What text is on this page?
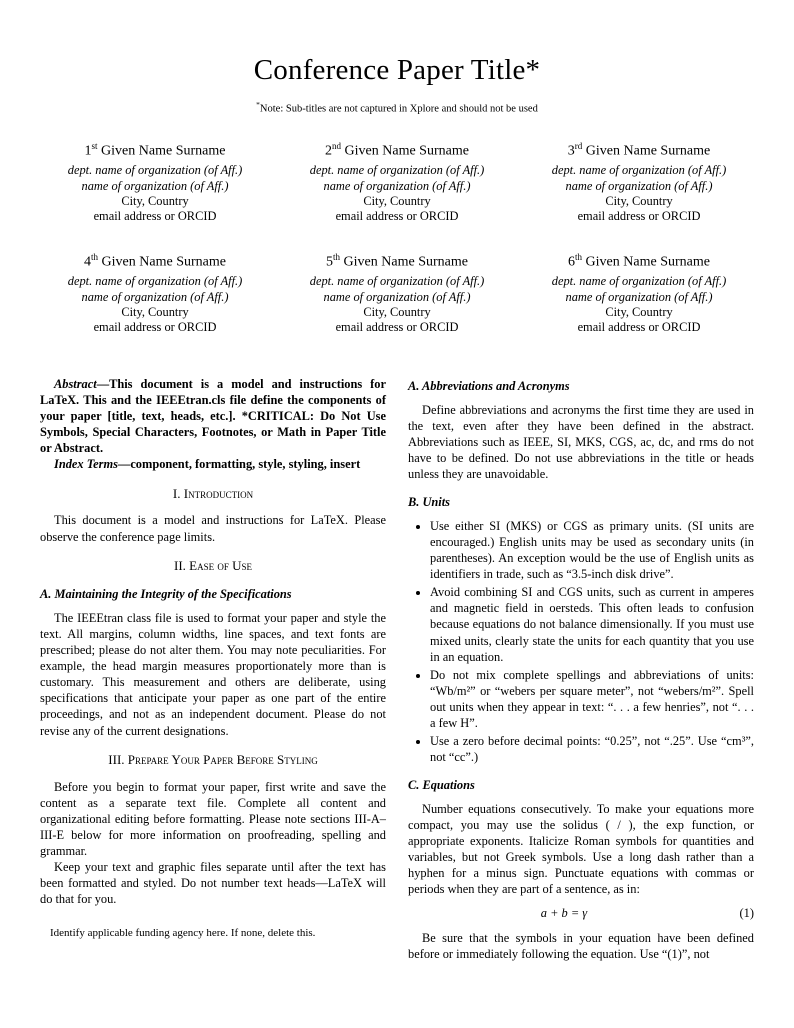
Conference Paper Title*
*Note: Sub-titles are not captured in Xplore and should not be used
1st Given Name Surname
dept. name of organization (of Aff.)
name of organization (of Aff.)
City, Country
email address or ORCID
2nd Given Name Surname
dept. name of organization (of Aff.)
name of organization (of Aff.)
City, Country
email address or ORCID
3rd Given Name Surname
dept. name of organization (of Aff.)
name of organization (of Aff.)
City, Country
email address or ORCID
4th Given Name Surname
dept. name of organization (of Aff.)
name of organization (of Aff.)
City, Country
email address or ORCID
5th Given Name Surname
dept. name of organization (of Aff.)
name of organization (of Aff.)
City, Country
email address or ORCID
6th Given Name Surname
dept. name of organization (of Aff.)
name of organization (of Aff.)
City, Country
email address or ORCID

Abstract—This document is a model and instructions for LaTeX. This and the IEEEtran.cls file define the components of your paper [title, text, heads, etc.]. *CRITICAL: Do Not Use Symbols, Special Characters, Footnotes, or Math in Paper Title or Abstract.

Index Terms—component, formatting, style, styling, insert

I. Introduction

This document is a model and instructions for LaTeX. Please observe the conference page limits.

II. Ease of Use
A. Maintaining the Integrity of the Specifications

The IEEEtran class file is used to format your paper and style the text. All margins, column widths, line spaces, and text fonts are prescribed; please do not alter them. You may note peculiarities. For example, the head margin measures proportionately more than is customary. This measurement and others are deliberate, using specifications that anticipate your paper as one part of the entire proceedings, and not as an independent document. Please do not revise any of the current designations.

III. Prepare Your Paper Before Styling

Before you begin to format your paper, first write and save the content as a separate text file. Complete all content and organizational editing before formatting. Please note sections III-A–III-E below for more information on proofreading, spelling and grammar.

Keep your text and graphic files separate until after the text has been formatted and styled. Do not number text heads—LaTeX will do that for you.

Identify applicable funding agency here. If none, delete this.

A. Abbreviations and Acronyms

Define abbreviations and acronyms the first time they are used in the text, even after they have been defined in the abstract. Abbreviations such as IEEE, SI, MKS, CGS, ac, dc, and rms do not have to be defined. Do not use abbreviations in the title or heads unless they are unavoidable.

B. Units
• Use either SI (MKS) or CGS as primary units. (SI units are encouraged.) English units may be used as secondary units (in parentheses). An exception would be the use of English units as identifiers in trade, such as “3.5-inch disk drive”.
• Avoid combining SI and CGS units, such as current in amperes and magnetic field in oersteds. This often leads to confusion because equations do not balance dimensionally. If you must use mixed units, clearly state the units for each quantity that you use in an equation.
• Do not mix complete spellings and abbreviations of units: “Wb/m²” or “webers per square meter”, not “webers/m²”. Spell out units when they appear in text: “. . . a few henries”, not “. . . a few H”.
• Use a zero before decimal points: “0.25”, not “.25”. Use “cm³”, not “cc”.)
C. Equations

Number equations consecutively. To make your equations more compact, you may use the solidus ( / ), the exp function, or appropriate exponents. Italicize Roman symbols for quantities and variables, but not Greek symbols. Use a long dash rather than a hyphen for a minus sign. Punctuate equations with commas or periods when they are part of a sentence, as in:

a + b = γ	(1)

Be sure that the symbols in your equation have been defined before or immediately following the equation. Use “(1)”, not
